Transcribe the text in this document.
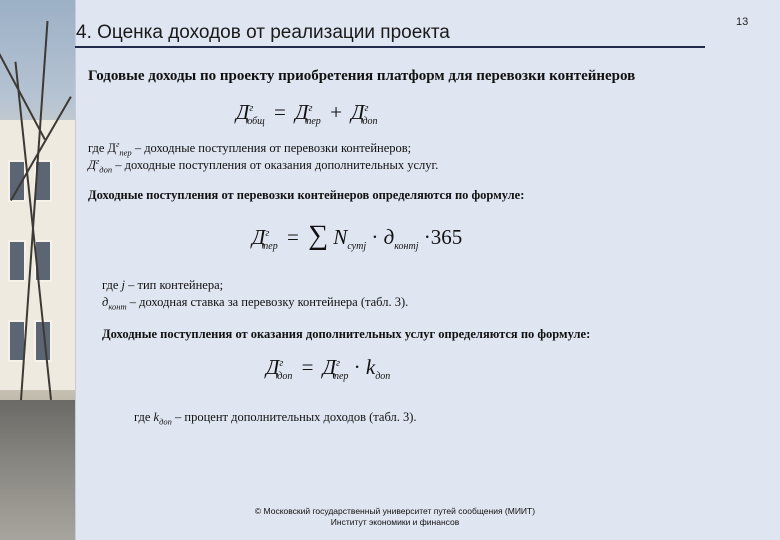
4. Оценка доходов от реализации проекта	13
Годовые доходы по проекту приобретения платформ для перевозки контейнеров
$Д^г_{общ} = Д^г_{пер} + Д^г_{доп}$
где $Д^г_{пер}$ – доходные поступления от перевозки контейнеров;
$Д^г_{доп}$ – доходные поступления от оказания дополнительных услуг.
Доходные поступления от перевозки контейнеров определяются по формуле:
$Д^г_{пер}$ = ∑ $N_{сутj} \cdot д_{контj} \cdot 365$
где j – тип контейнера;
$д_{конт}$ – доходная ставка за перевозку контейнера (табл. 3).
Доходные поступления от оказания дополнительных услуг определяются по формуле:
$Д^г_{доп} = Д^г_{пер} \cdot k_{доп}$
где $k_{доп}$ – процент дополнительных доходов (табл. 3).
© Московский государственный университет путей сообщения (МИИТ)
Институт экономики и финансов
